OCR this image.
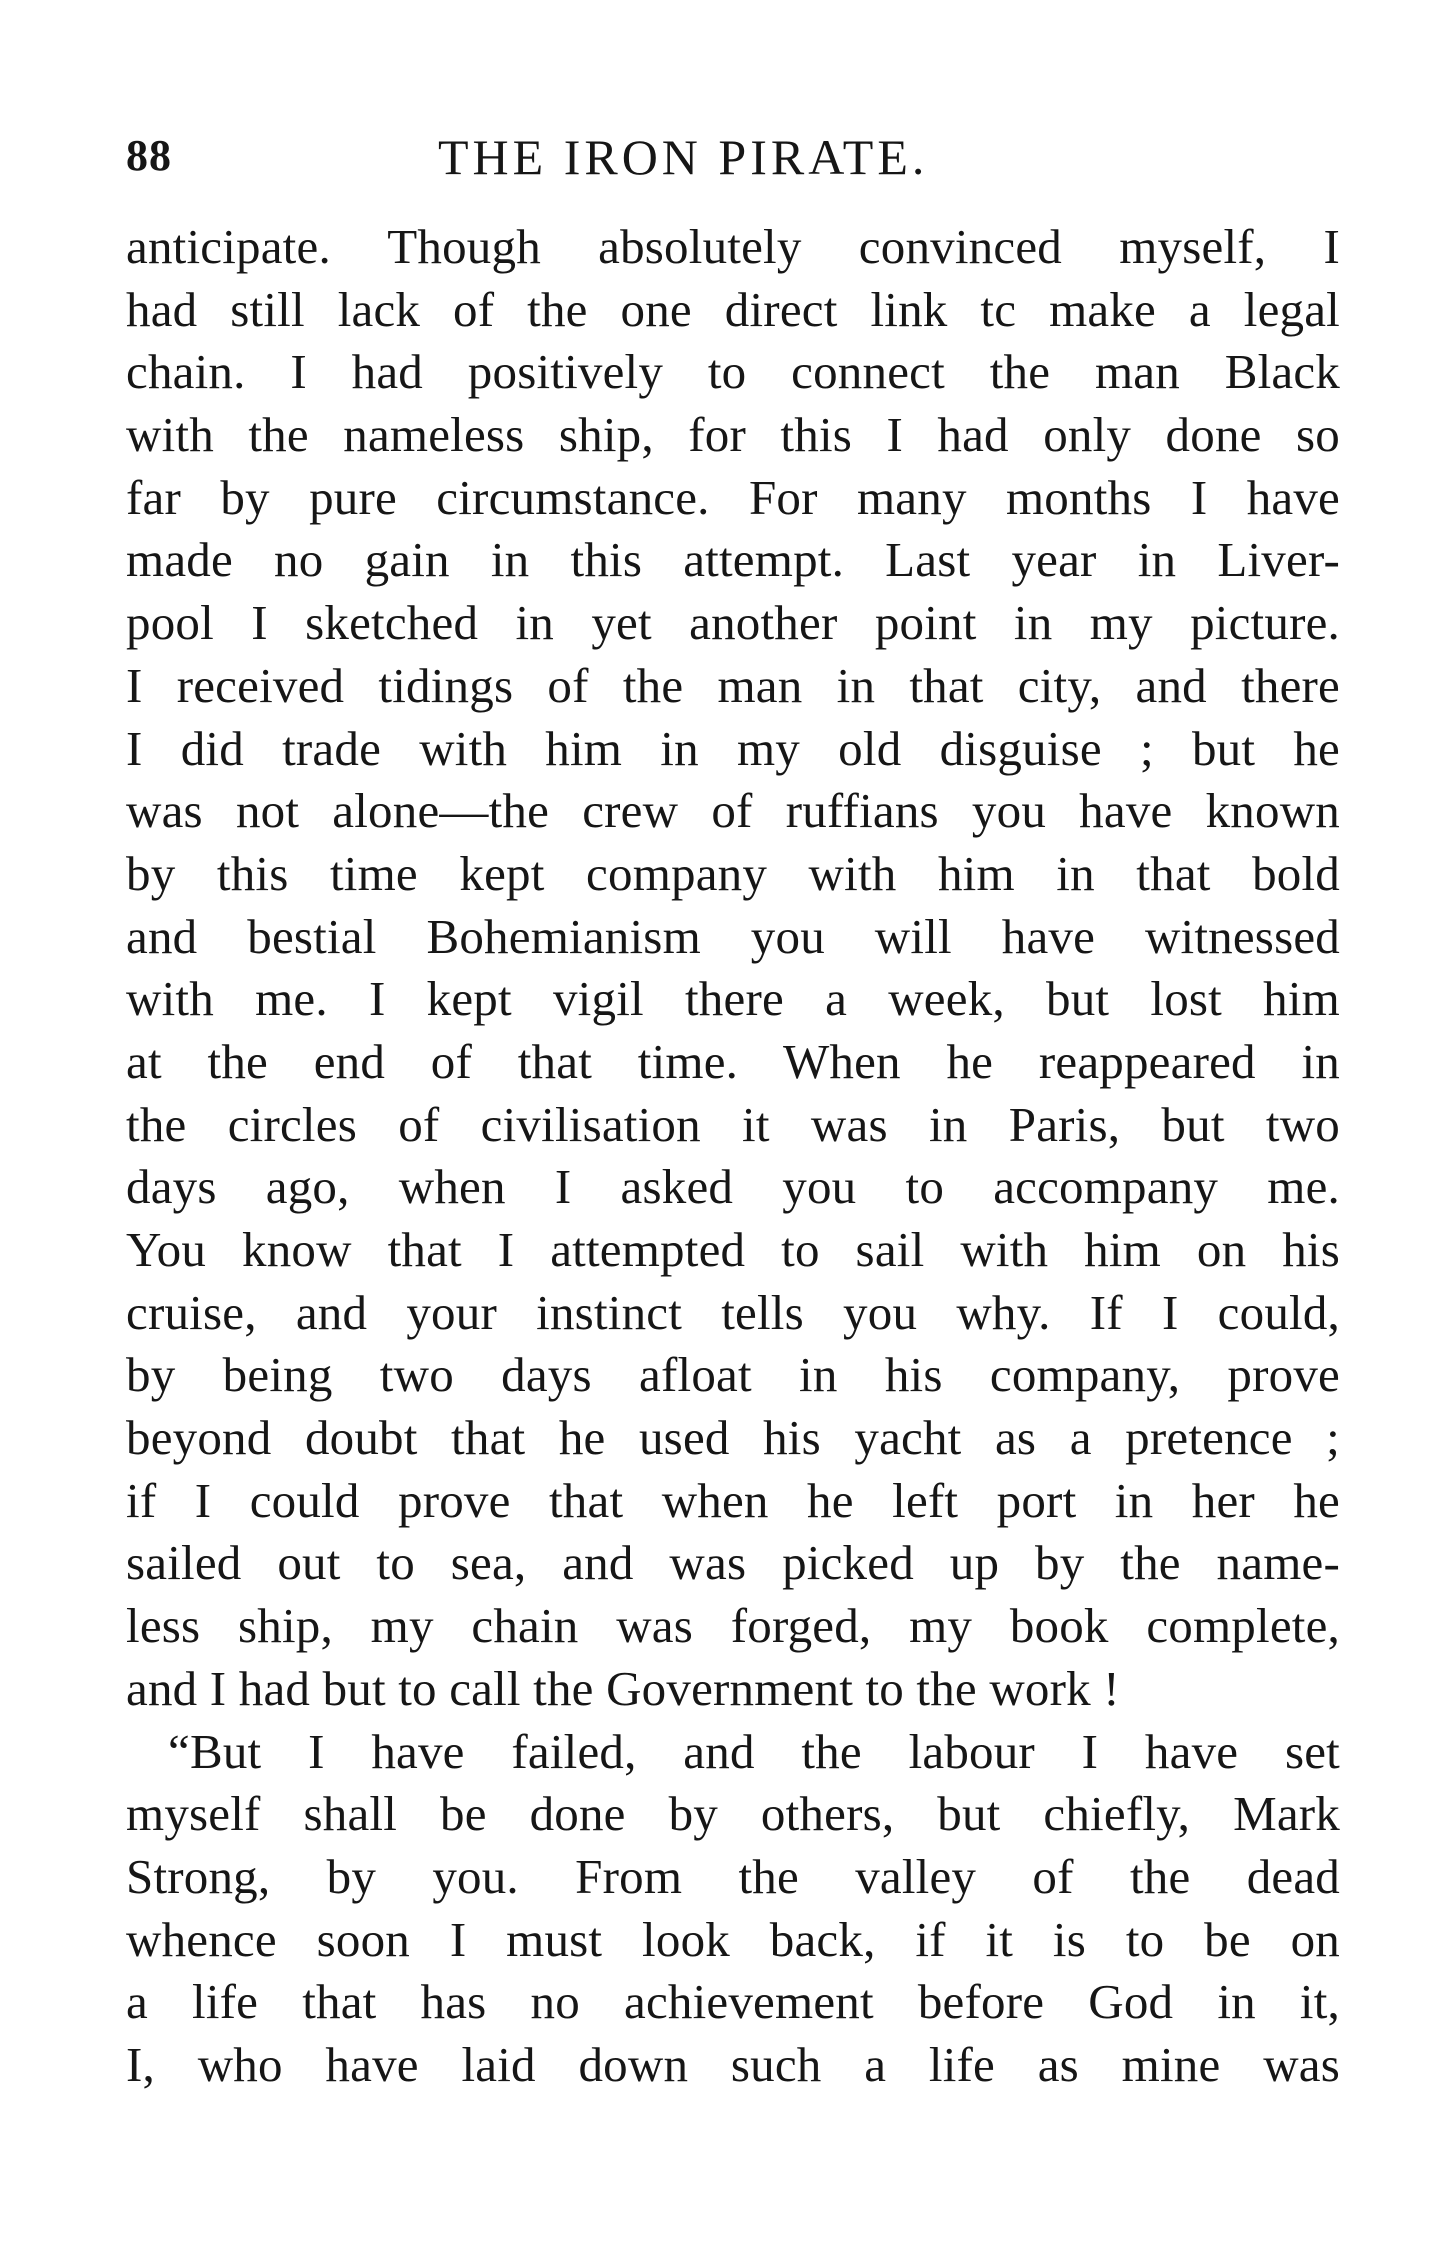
88	THE IRON PIRATE.
anticipate. Though absolutely convinced myself, I
had still lack of the one direct link tc make a legal
chain. I had positively to connect the man Black
with the nameless ship, for this I had only done so
far by pure circumstance. For many months I have
made no gain in this attempt. Last year in Liver-
pool I sketched in yet another point in my picture.
I received tidings of the man in that city, and there
I did trade with him in my old disguise ; but he
was not alone—the crew of ruffians you have known
by this time kept company with him in that bold
and bestial Bohemianism you will have witnessed
with me. I kept vigil there a week, but lost him
at the end of that time. When he reappeared in
the circles of civilisation it was in Paris, but two
days ago, when I asked you to accompany me.
You know that I attempted to sail with him on his
cruise, and your instinct tells you why. If I could,
by being two days afloat in his company, prove
beyond doubt that he used his yacht as a pretence ;
if I could prove that when he left port in her he
sailed out to sea, and was picked up by the name-
less ship, my chain was forged, my book complete,
and I had but to call the Government to the work !
“But I have failed, and the labour I have set
myself shall be done by others, but chiefly, Mark
Strong, by you. From the valley of the dead
whence soon I must look back, if it is to be on
a life that has no achievement before God in it,
I, who have laid down such a life as mine was
